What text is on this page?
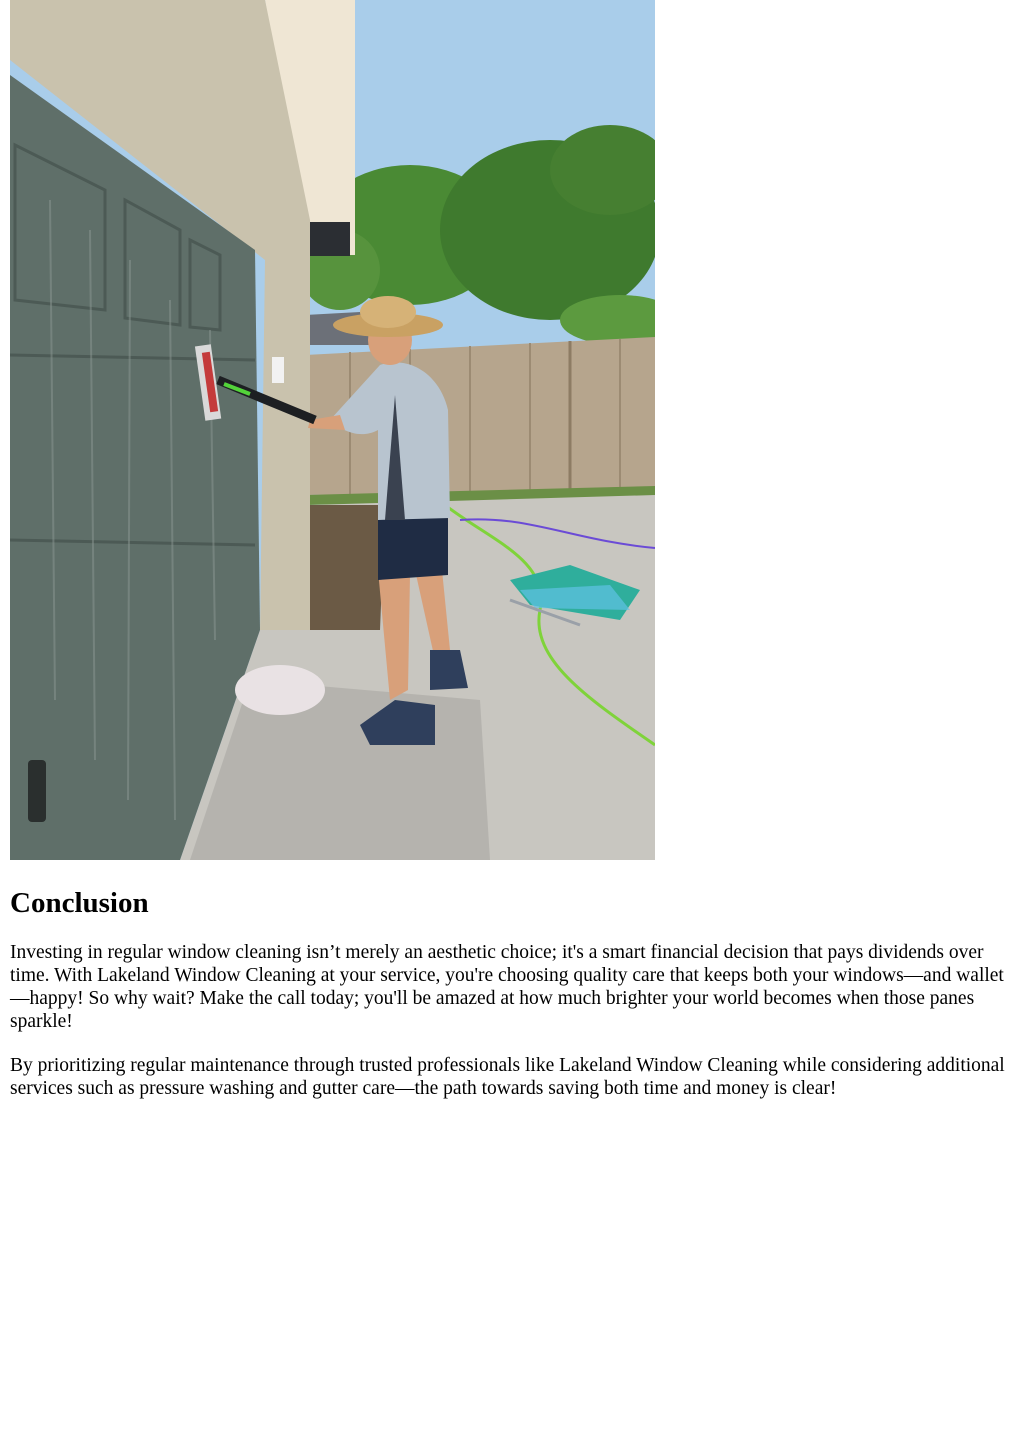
Conclusion

Investing in regular window cleaning isn’t merely an aesthetic choice; it's a smart financial decision that pays dividends over time. With Lakeland Window Cleaning at your service, you're choosing quality care that keeps both your windows—and wallet—happy! So why wait? Make the call today; you'll be amazed at how much brighter your world becomes when those panes sparkle!

By prioritizing regular maintenance through trusted professionals like Lakeland Window Cleaning while considering additional services such as pressure washing and gutter care—the path towards saving both time and money is clear!
